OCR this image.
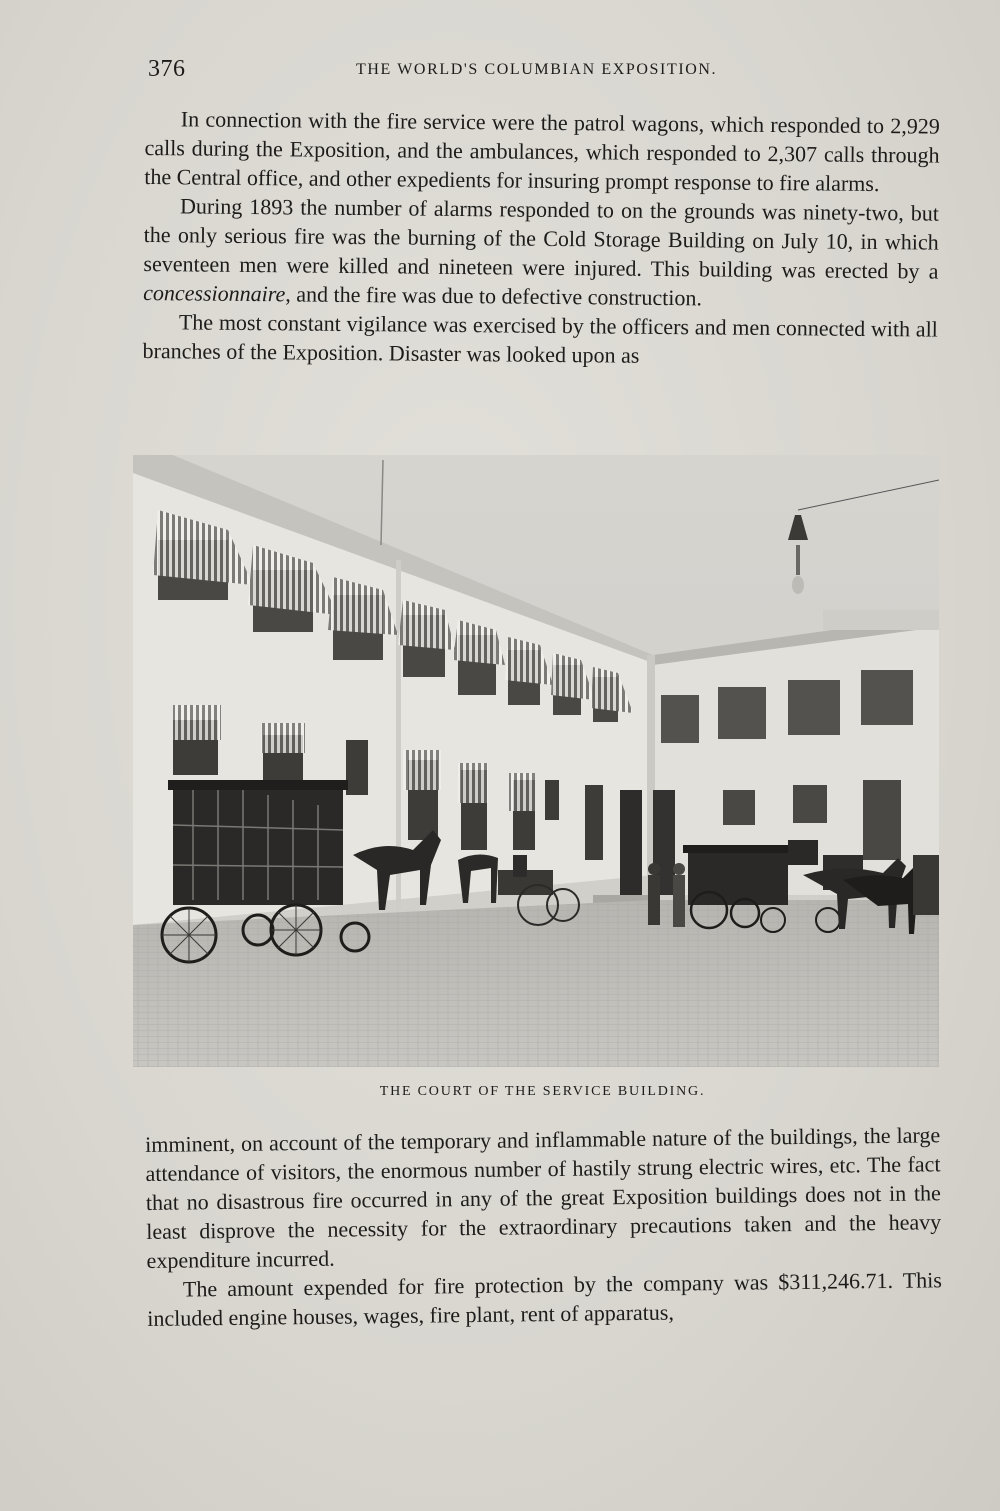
376	THE WORLD'S COLUMBIAN EXPOSITION.

In connection with the fire service were the patrol wagons, which responded to 2,929 calls during the Exposition, and the ambulances, which responded to 2,307 calls through the Central office, and other expedients for insuring prompt response to fire alarms.

During 1893 the number of alarms responded to on the grounds was ninety-two, but the only serious fire was the burning of the Cold Storage Building on July 10, in which seventeen men were killed and nineteen were injured. This building was erected by a concessionnaire, and the fire was due to defective construction.

The most constant vigilance was exercised by the officers and men connected with all branches of the Exposition. Disaster was looked upon as

THE COURT OF THE SERVICE BUILDING.

imminent, on account of the temporary and inflammable nature of the buildings, the large attendance of visitors, the enormous number of hastily strung electric wires, etc. The fact that no disastrous fire occurred in any of the great Exposition buildings does not in the least disprove the necessity for the extraordinary precautions taken and the heavy expenditure incurred.

The amount expended for fire protection by the company was $311,246.71. This included engine houses, wages, fire plant, rent of apparatus,
